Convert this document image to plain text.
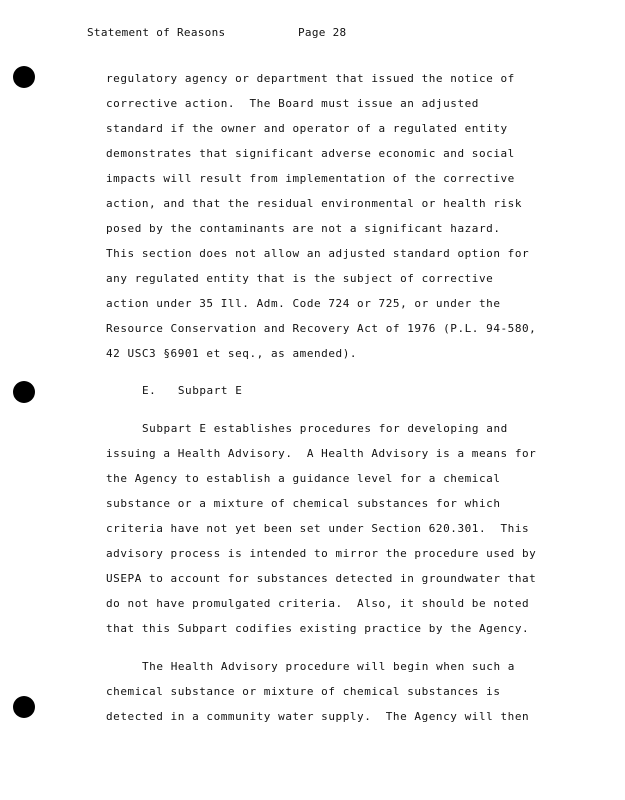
Statement of Reasons	Page 28
regulatory agency or department that issued the notice of
corrective action.  The Board must issue an adjusted
standard if the owner and operator of a regulated entity
demonstrates that significant adverse economic and social
impacts will result from implementation of the corrective
action, and that the residual environmental or health risk
posed by the contaminants are not a significant hazard.
This section does not allow an adjusted standard option for
any regulated entity that is the subject of corrective
action under 35 Ill. Adm. Code 724 or 725, or under the
Resource Conservation and Recovery Act of 1976 (P.L. 94-580,
42 USC3 §6901 et seq., as amended).
E.   Subpart E
Subpart E establishes procedures for developing and
issuing a Health Advisory.  A Health Advisory is a means for
the Agency to establish a guidance level for a chemical
substance or a mixture of chemical substances for which
criteria have not yet been set under Section 620.301.  This
advisory process is intended to mirror the procedure used by
USEPA to account for substances detected in groundwater that
do not have promulgated criteria.  Also, it should be noted
that this Subpart codifies existing practice by the Agency.
The Health Advisory procedure will begin when such a
chemical substance or mixture of chemical substances is
detected in a community water supply.  The Agency will then
